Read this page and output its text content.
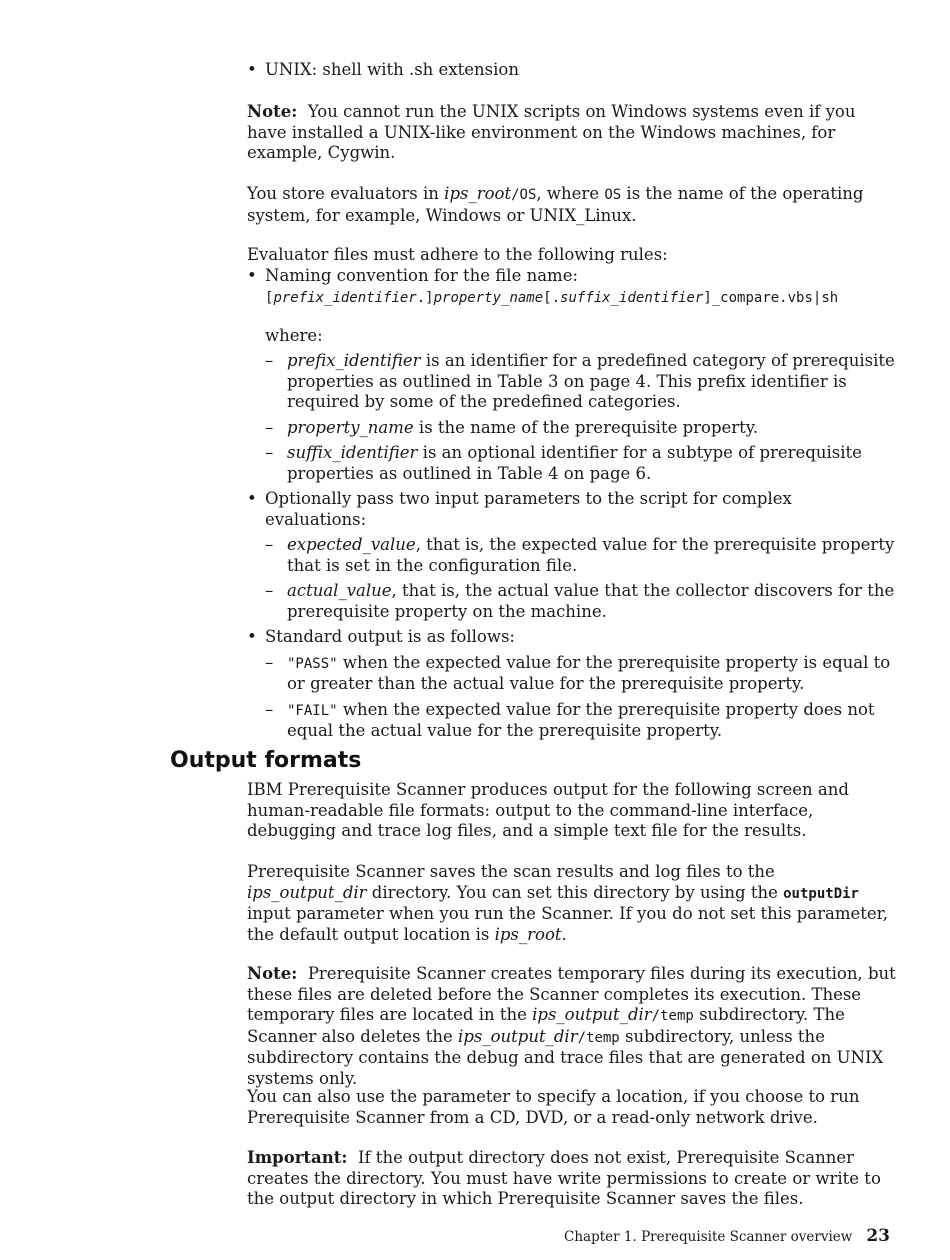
• UNIX: shell with .sh extension
Note: You cannot run the UNIX scripts on Windows systems even if you have installed a UNIX-like environment on the Windows machines, for example, Cygwin.
You store evaluators in ips_root/OS, where OS is the name of the operating system, for example, Windows or UNIX_Linux.
Evaluator files must adhere to the following rules:
• Naming convention for the file name:
[prefix_identifier.]property_name[.suffix_identifier]_compare.vbs|sh
where:
– prefix_identifier is an identifier for a predefined category of prerequisite properties as outlined in Table 3 on page 4. This prefix identifier is required by some of the predefined categories.
– property_name is the name of the prerequisite property.
– suffix_identifier is an optional identifier for a subtype of prerequisite properties as outlined in Table 4 on page 6.
• Optionally pass two input parameters to the script for complex evaluations:
– expected_value, that is, the expected value for the prerequisite property that is set in the configuration file.
– actual_value, that is, the actual value that the collector discovers for the prerequisite property on the machine.
• Standard output is as follows:
– "PASS" when the expected value for the prerequisite property is equal to or greater than the actual value for the prerequisite property.
– "FAIL" when the expected value for the prerequisite property does not equal the actual value for the prerequisite property.
Output formats
IBM Prerequisite Scanner produces output for the following screen and human-readable file formats: output to the command-line interface, debugging and trace log files, and a simple text file for the results.
Prerequisite Scanner saves the scan results and log files to the ips_output_dir directory. You can set this directory by using the outputDir input parameter when you run the Scanner. If you do not set this parameter, the default output location is ips_root.
Note: Prerequisite Scanner creates temporary files during its execution, but these files are deleted before the Scanner completes its execution. These temporary files are located in the ips_output_dir/temp subdirectory. The Scanner also deletes the ips_output_dir/temp subdirectory, unless the subdirectory contains the debug and trace files that are generated on UNIX systems only.
You can also use the parameter to specify a location, if you choose to run Prerequisite Scanner from a CD, DVD, or a read-only network drive.
Important: If the output directory does not exist, Prerequisite Scanner creates the directory. You must have write permissions to create or write to the output directory in which Prerequisite Scanner saves the files.
Chapter 1. Prerequisite Scanner overview 23
